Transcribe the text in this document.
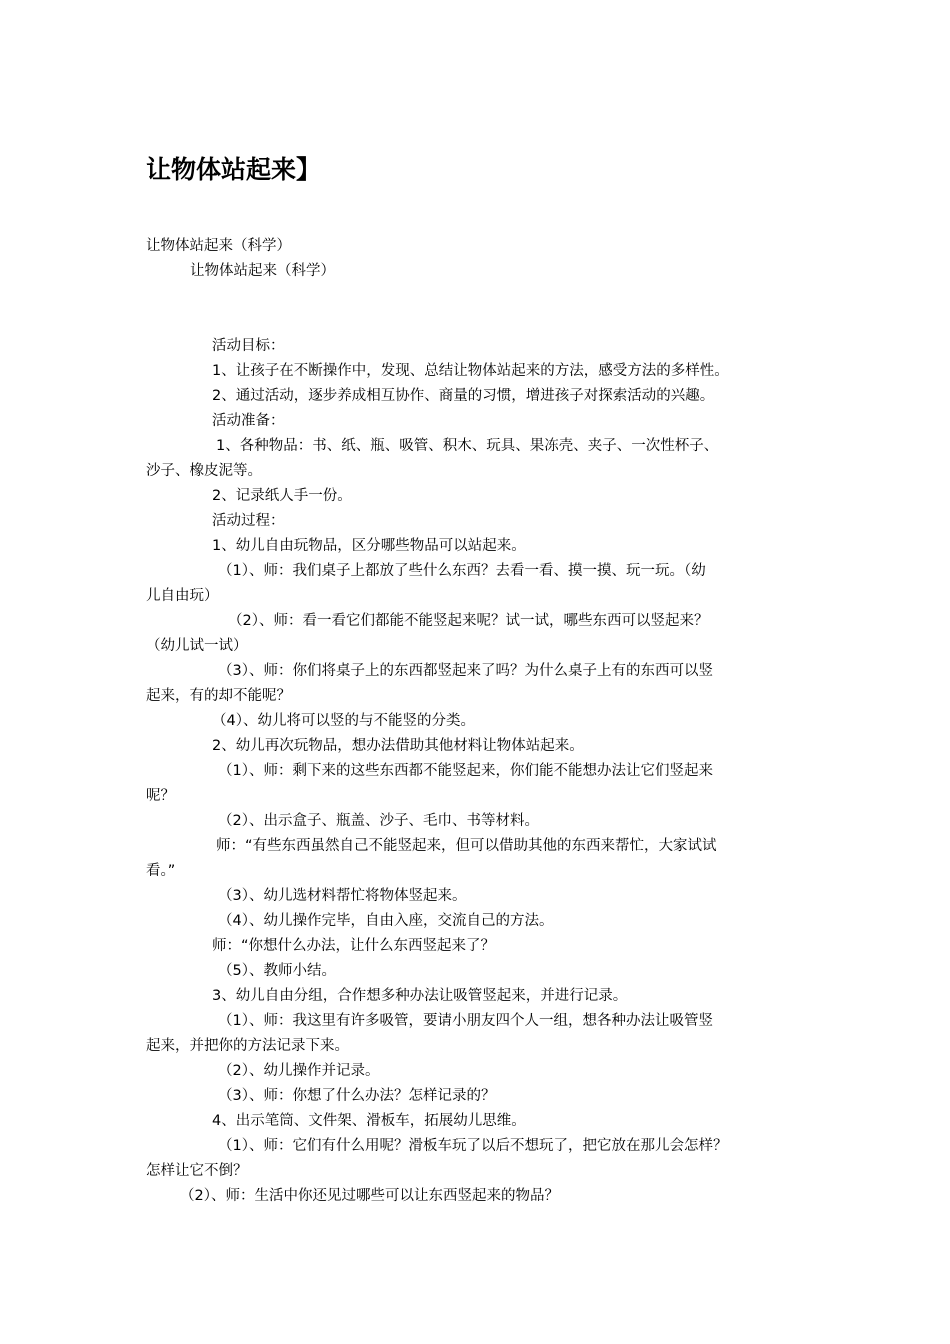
让物体站起来】
让物体站起来（科学）
让物体站起来（科学）
活动目标：
1、让孩子在不断操作中，发现、总结让物体站起来的方法，感受方法的多样性。
2、通过活动，逐步养成相互协作、商量的习惯，增进孩子对探索活动的兴趣。
活动准备：
1、各种物品：书、纸、瓶、吸管、积木、玩具、果冻壳、夹子、一次性杯子、
沙子、橡皮泥等。
2、记录纸人手一份。
活动过程：
1、幼儿自由玩物品，区分哪些物品可以站起来。
（1）、师：我们桌子上都放了些什么东西？去看一看、摸一摸、玩一玩。（幼
儿自由玩）
（2）、师：看一看它们都能不能竖起来呢？试一试，哪些东西可以竖起来？
（幼儿试一试）
（3）、师：你们将桌子上的东西都竖起来了吗？为什么桌子上有的东西可以竖
起来，有的却不能呢？
（4）、幼儿将可以竖的与不能竖的分类。
2、幼儿再次玩物品，想办法借助其他材料让物体站起来。
（1）、师：剩下来的这些东西都不能竖起来，你们能不能想办法让它们竖起来
呢？
（2）、出示盒子、瓶盖、沙子、毛巾、书等材料。
师：“有些东西虽然自己不能竖起来，但可以借助其他的东西来帮忙，大家试试
看。”
（3）、幼儿选材料帮忙将物体竖起来。
（4）、幼儿操作完毕，自由入座，交流自己的方法。
师：“你想什么办法，让什么东西竖起来了？
（5）、教师小结。
3、幼儿自由分组，合作想多种办法让吸管竖起来，并进行记录。
（1）、师：我这里有许多吸管，要请小朋友四个人一组，想各种办法让吸管竖
起来，并把你的方法记录下来。
（2）、幼儿操作并记录。
（3）、师：你想了什么办法？怎样记录的？
4、出示笔筒、文件架、滑板车，拓展幼儿思维。
（1）、师：它们有什么用呢？滑板车玩了以后不想玩了，把它放在那儿会怎样？
怎样让它不倒？
（2）、师：生活中你还见过哪些可以让东西竖起来的物品？
